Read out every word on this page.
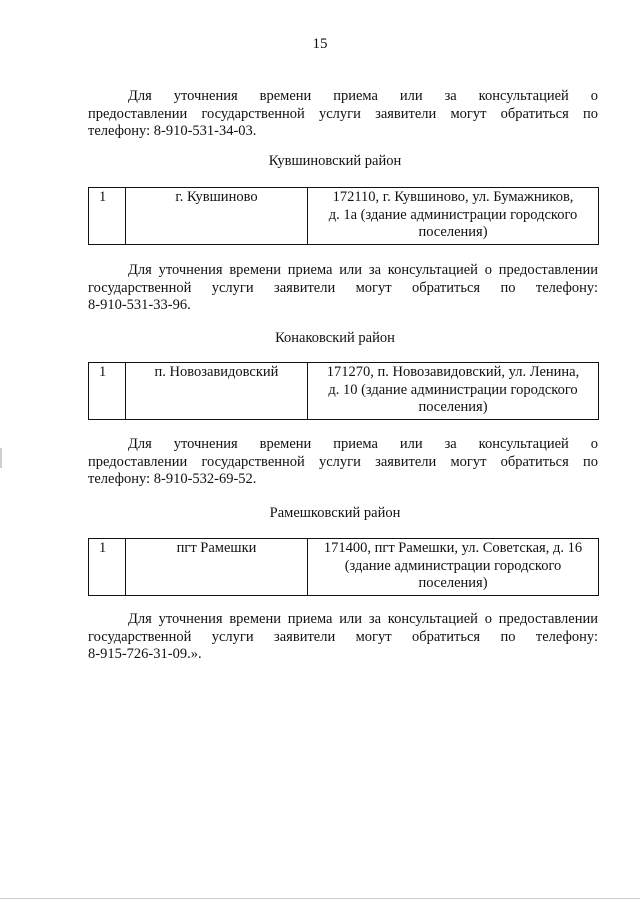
15
Для уточнения времени приема или за консультацией о
предоставлении государственной услуги заявители могут обратиться по
телефону: 8-910-531-34-03.
Кувшиновский район
1	г. Кувшиново	172110, г. Кувшиново, ул. Бумажников,
д. 1а (здание администрации городского
поселения)
Для уточнения времени приема или за консультацией о предоставлении
государственной услуги заявители могут обратиться по телефону:
8-910-531-33-96.
Конаковский район
1	п. Новозавидовский	171270, п. Новозавидовский, ул. Ленина,
д. 10 (здание администрации городского
поселения)
Для уточнения времени приема или за консультацией о
предоставлении государственной услуги заявители могут обратиться по
телефону: 8-910-532-69-52.
Рамешковский район
1	пгт Рамешки	171400, пгт Рамешки, ул. Советская, д. 16
(здание администрации городского
поселения)
Для уточнения времени приема или за консультацией о предоставлении
государственной услуги заявители могут обратиться по телефону:
8-915-726-31-09.».
